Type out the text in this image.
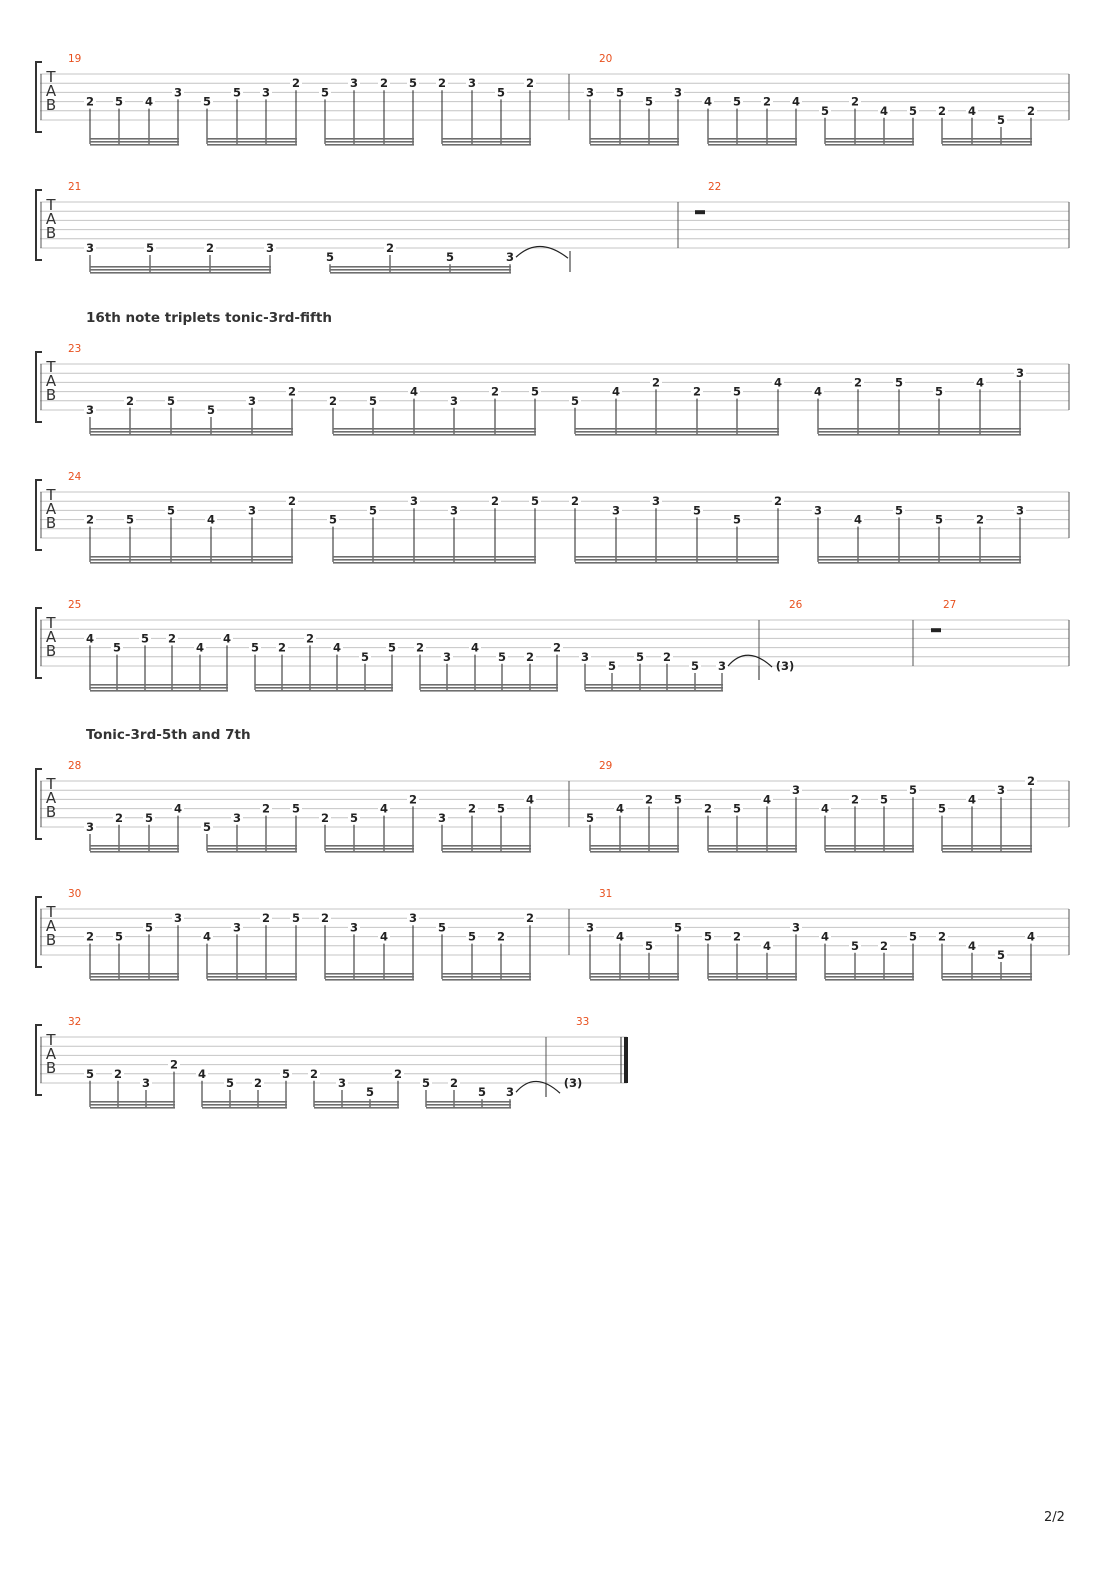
16th note triplets tonic-3rd-fifth
Tonic-3rd-5th and 7th
T
A
B
19
2 5 4
3
5
5 3
2
5
3 2 5 2 3
5
2
20
3 5
5
3
4 5 2 4
5
2
4 5 2 4
5
2
T
A
B
21
3	5	2	3
5
2
5	3
22
T
A
B
23
3
2	5
5
3
2
2	5
4
3
2	5
5
4
2
2	5
4
4
2	5
5
4
3
T
A
B
24
2	5
5
4
3
2
5
5
3
3
2	5	2
3
3
5
5
2
3
4
5
5	2
3
T
A
B
25
4
5
5 2
4
4
5 2
2
4
5
5 2
3
4
5 2
2
3
5
5 2
5 3
26
(3)
27
T
A
B
28
3
2 5
4
5
3
2 5
2 5
4
2
3
2 5
4
29
5
4
2 5
2 5
4
3
4
2 5
5
5
4
3
2
T
A
B
30
2 5
5
3
4
3
2 5 2
3
4
3
5
5 2
2
31
3
4
5
5
5 2
4
3
4
5 2
5 2
4
5
4
T
A
B
32
5 2
3
2
4
5 2
5 2
3
5
2
5 2
5 3
33
(3)
2/2
